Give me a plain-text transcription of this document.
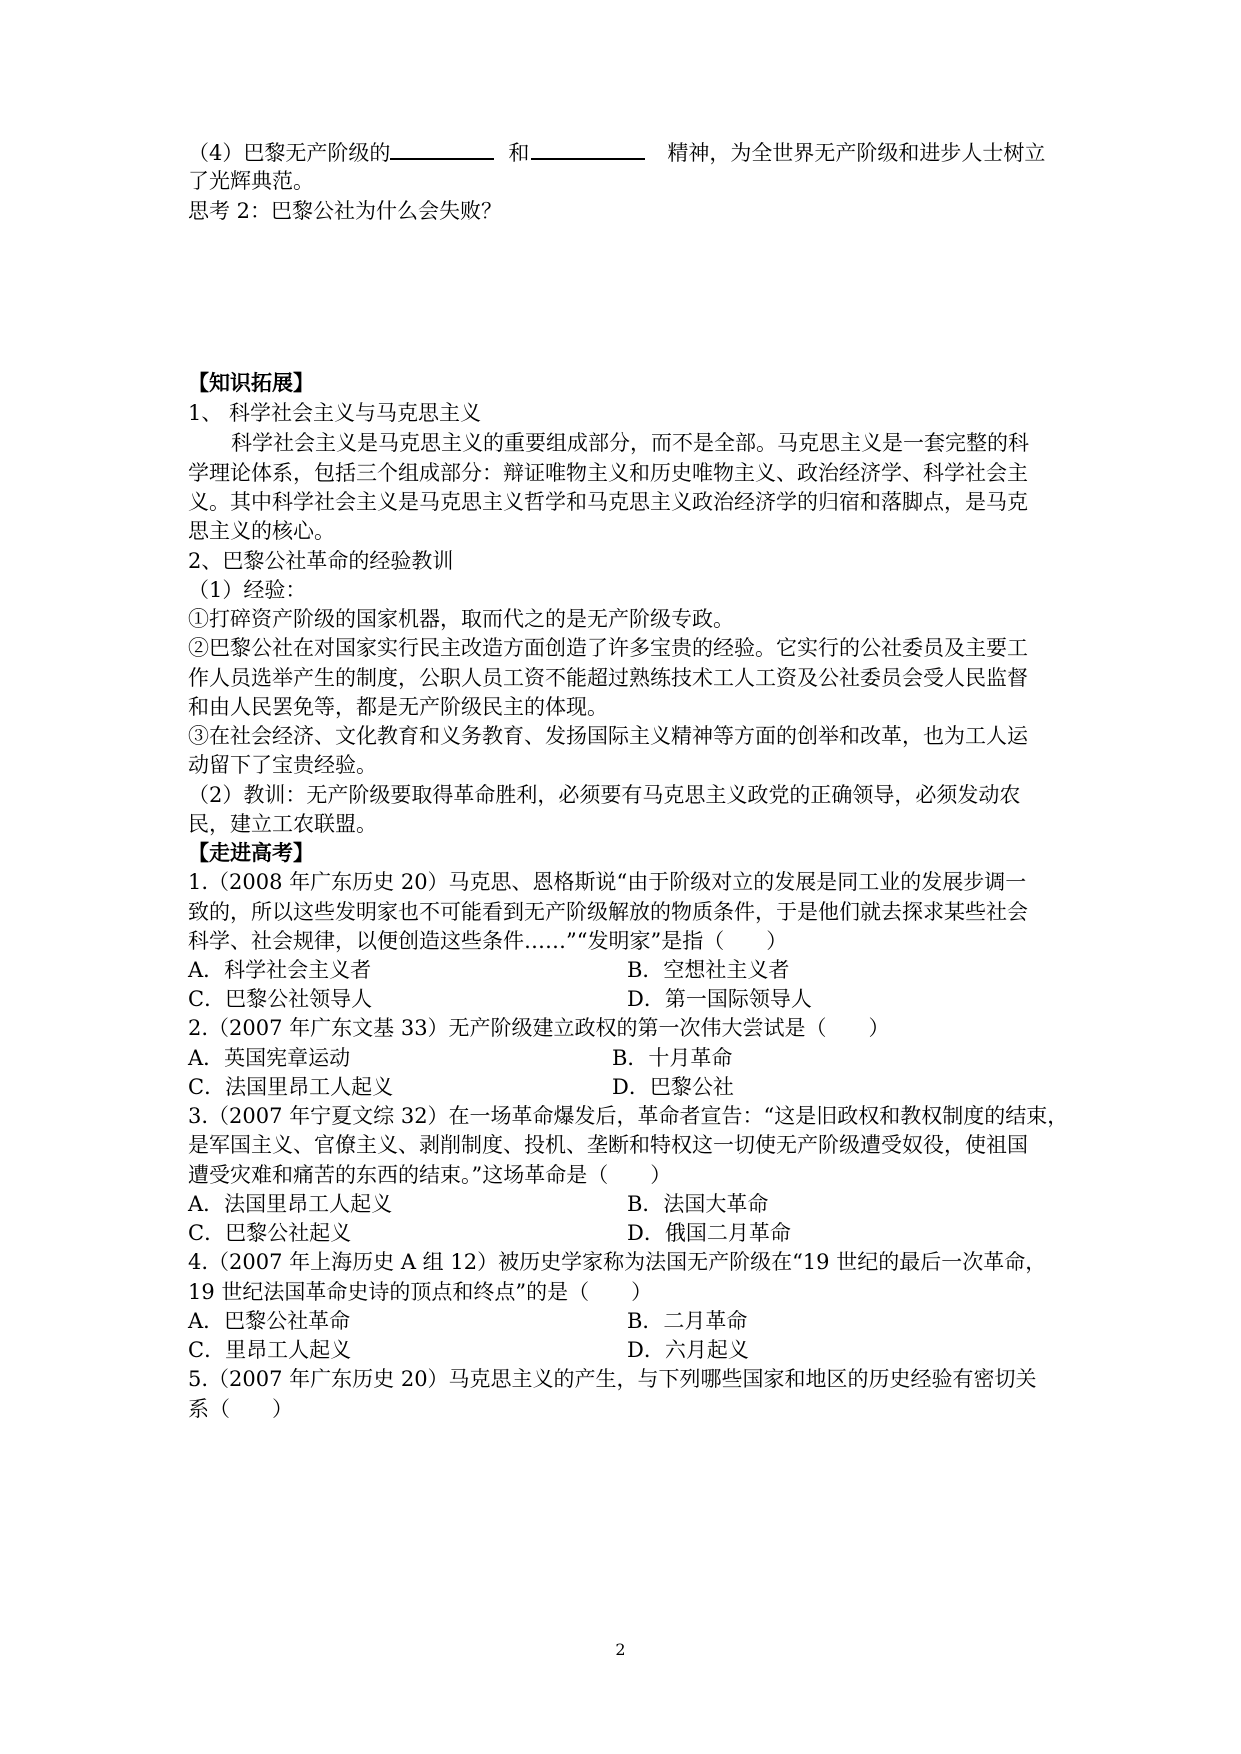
（4）巴黎无产阶级的	和	精神，为全世界无产阶级和进步人士树立
了光辉典范。
思考 2：巴黎公社为什么会失败？
【知识拓展】
1、 科学社会主义与马克思主义
科学社会主义是马克思主义的重要组成部分，而不是全部。马克思主义是一套完整的科
学理论体系，包括三个组成部分：辩证唯物主义和历史唯物主义、政治经济学、科学社会主
义。其中科学社会主义是马克思主义哲学和马克思主义政治经济学的归宿和落脚点，是马克
思主义的核心。
2、巴黎公社革命的经验教训
（1）经验：
①打碎资产阶级的国家机器，取而代之的是无产阶级专政。
②巴黎公社在对国家实行民主改造方面创造了许多宝贵的经验。它实行的公社委员及主要工
作人员选举产生的制度，公职人员工资不能超过熟练技术工人工资及公社委员会受人民监督
和由人民罢免等，都是无产阶级民主的体现。
③在社会经济、文化教育和义务教育、发扬国际主义精神等方面的创举和改革，也为工人运
动留下了宝贵经验。
（2）教训：无产阶级要取得革命胜利，必须要有马克思主义政党的正确领导，必须发动农
民，建立工农联盟。
【走进高考】
1.（2008 年广东历史 20）马克思、恩格斯说“由于阶级对立的发展是同工业的发展步调一
致的，所以这些发明家也不可能看到无产阶级解放的物质条件，于是他们就去探求某些社会
科学、社会规律，以便创造这些条件……”“发明家”是指（　　）
A．科学社会主义者	B．空想社主义者
C．巴黎公社领导人	D．第一国际领导人
2.（2007 年广东文基 33）无产阶级建立政权的第一次伟大尝试是（　　）
A．英国宪章运动	B．十月革命
C．法国里昂工人起义	D．巴黎公社
3.（2007 年宁夏文综 32）在一场革命爆发后，革命者宣告：“这是旧政权和教权制度的结束，
是军国主义、官僚主义、剥削制度、投机、垄断和特权这一切使无产阶级遭受奴役，使祖国
遭受灾难和痛苦的东西的结束。”这场革命是（　　）
A．法国里昂工人起义	B．法国大革命
C．巴黎公社起义	D．俄国二月革命
4.（2007 年上海历史 A 组 12）被历史学家称为法国无产阶级在“19 世纪的最后一次革命，
19 世纪法国革命史诗的顶点和终点”的是（　　）
A．巴黎公社革命	B．二月革命
C．里昂工人起义	D．六月起义
5.（2007 年广东历史 20）马克思主义的产生，与下列哪些国家和地区的历史经验有密切关
系（　　）
2
